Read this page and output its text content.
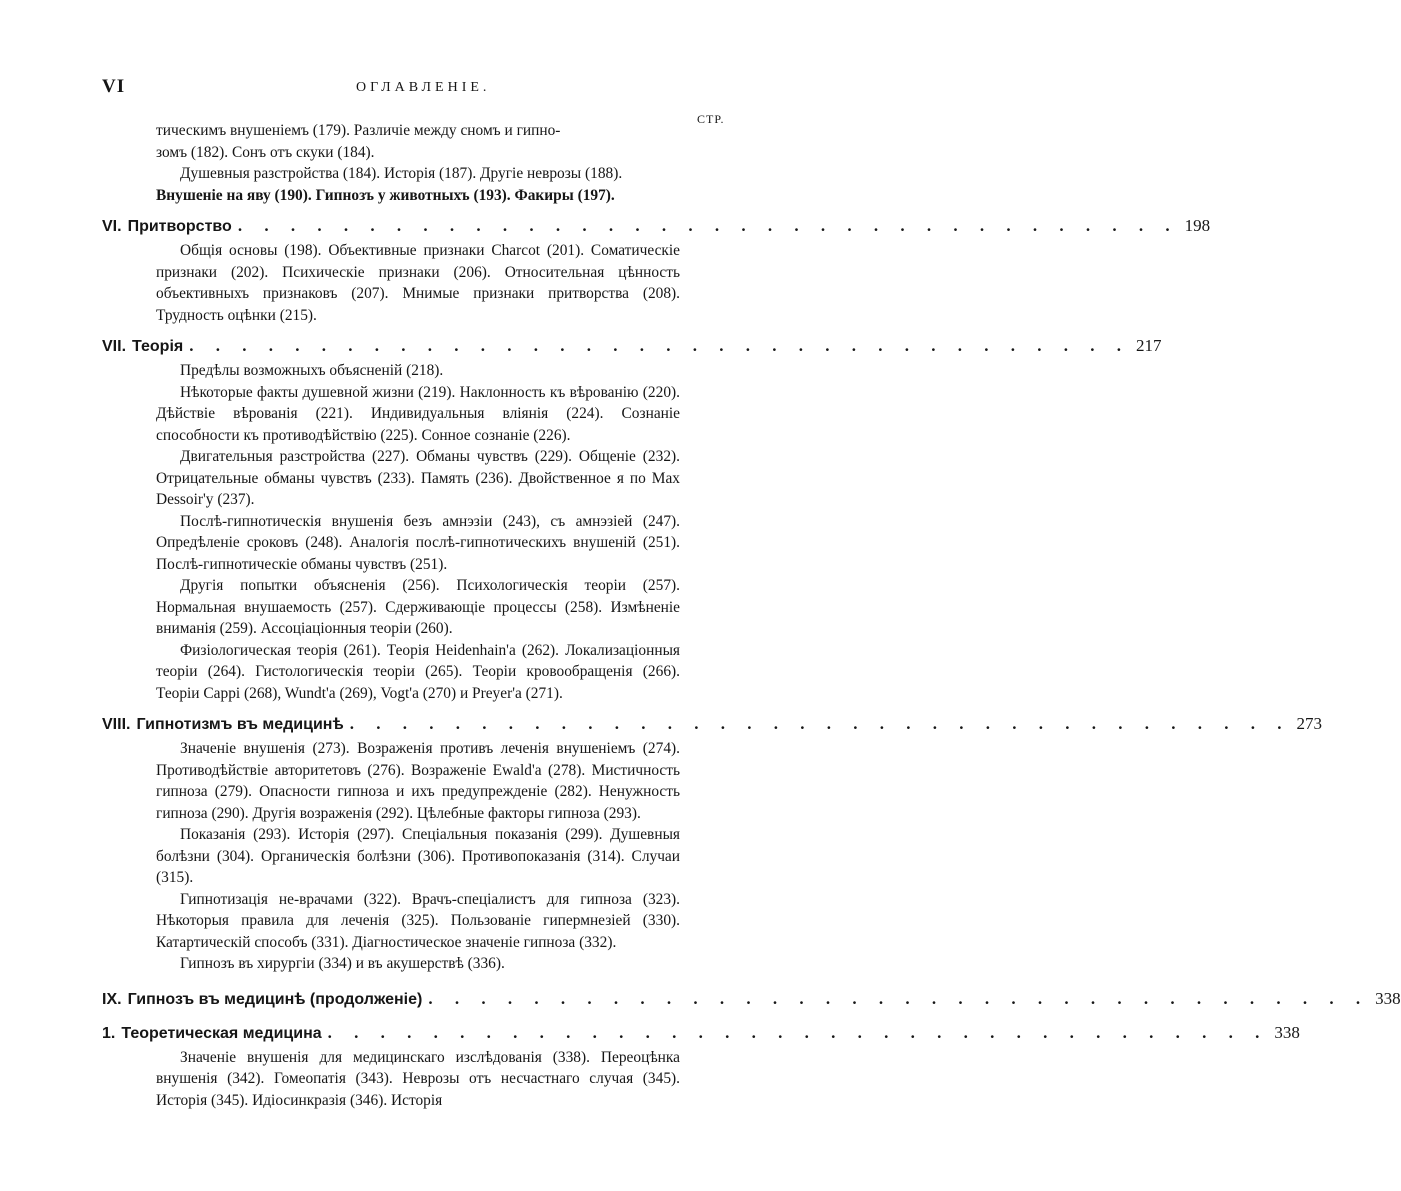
VI	ОГЛАВЛЕНIЕ.
СТР.

тическимъ внушенiемъ (179). Различiе между сномъ и гипно-

зомъ (182). Сонъ отъ скуки (184).

Душевныя разстройства (184). Исторiя (187). Другiе неврозы (188).

Внушенiе на яву (190). Гипнозъ у животныхъ (193). Факиры (197).

VI. Притворство . . . . . . . . . . . . . . . . . . . . . . . . . . . . . . . . . . . . 198

Общiя основы (198). Объективные признаки Charcot (201). Соматическiе признаки (202). Психическiе признаки (206). Относительная цѣнность объективныхъ признаковъ (207). Мнимые признаки притворства (208). Трудность оцѣнки (215).

VII. Теорiя . . . . . . . . . . . . . . . . . . . . . . . . . . . . . . . . . . . . 217

Предѣлы возможныхъ объясненiй (218).

Нѣкоторые факты душевной жизни (219). Наклонность къ вѣрованiю (220). Дѣйствiе вѣрованiя (221). Индивидуальныя влiянiя (224). Сознанiе способности къ противодѣйствiю (225). Сонное сознанiе (226).

Двигательныя разстройства (227). Обманы чувствъ (229). Общенiе (232). Отрицательные обманы чувствъ (233). Память (236). Двойственное я по Max Dessoir'у (237).

Послѣ-гипнотическiя внушенiя безъ амнэзiи (243), съ амнэзiей (247). Опредѣленiе сроковъ (248). Аналогiя послѣ-гипнотическихъ внушенiй (251). Послѣ-гипнотическiе обманы чувствъ (251).

Другiя попытки объясненiя (256). Психологическiя теорiи (257). Нормальная внушаемость (257). Сдерживающiе процессы (258). Измѣненiе вниманiя (259). Ассоцiацiонныя теорiи (260).

Физiологическая теорiя (261). Теорiя Heidenhain'а (262). Локализацiонныя теорiи (264). Гистологическiя теорiи (265). Теорiи кровообращенiя (266). Теорiи Cappi (268), Wundt'а (269), Vogt'а (270) и Preyer'а (271).

VIII. Гипнотизмъ въ медицинѣ . . . . . . . . . . . . . . . . . . . . . . . . . . . . . . . . . . . . 273

Значенiе внушенiя (273). Возраженiя противъ леченiя внушенiемъ (274). Противодѣйствiе авторитетовъ (276). Возраженiе Ewald'а (278). Мистичность гипноза (279). Опасности гипноза и ихъ предупрежденiе (282). Ненужность гипноза (290). Другiя возраженiя (292). Цѣлебные факторы гипноза (293).

Показанiя (293). Исторiя (297). Спецiальныя показанiя (299). Душевныя болѣзни (304). Органическiя болѣзни (306). Противопоказанiя (314). Случаи (315).

Гипнотизацiя не-врачами (322). Врачъ-спецiалистъ для гипноза (323). Нѣкоторыя правила для леченiя (325). Пользованiе гипермнезiей (330). Катартическiй способъ (331). Дiагностическое значенiе гипноза (332).

Гипнозъ въ хирургiи (334) и въ акушерствѣ (336).

IX. Гипнозъ въ медицинѣ (продолженiе) . . . . . . . . . . . . . . . . . . . . . . . . . . . . . . . . . . . . 338
1. Теоретическая медицина . . . . . . . . . . . . . . . . . . . . . . . . . . . . . . . . . . . . 338

Значенiе внушенiя для медицинскаго изслѣдованiя (338). Переоцѣнка внушенiя (342). Гомеопатiя (343). Неврозы отъ несчастнаго случая (345). Исторiя (345). Идiосинкразiя (346). Исторiя
